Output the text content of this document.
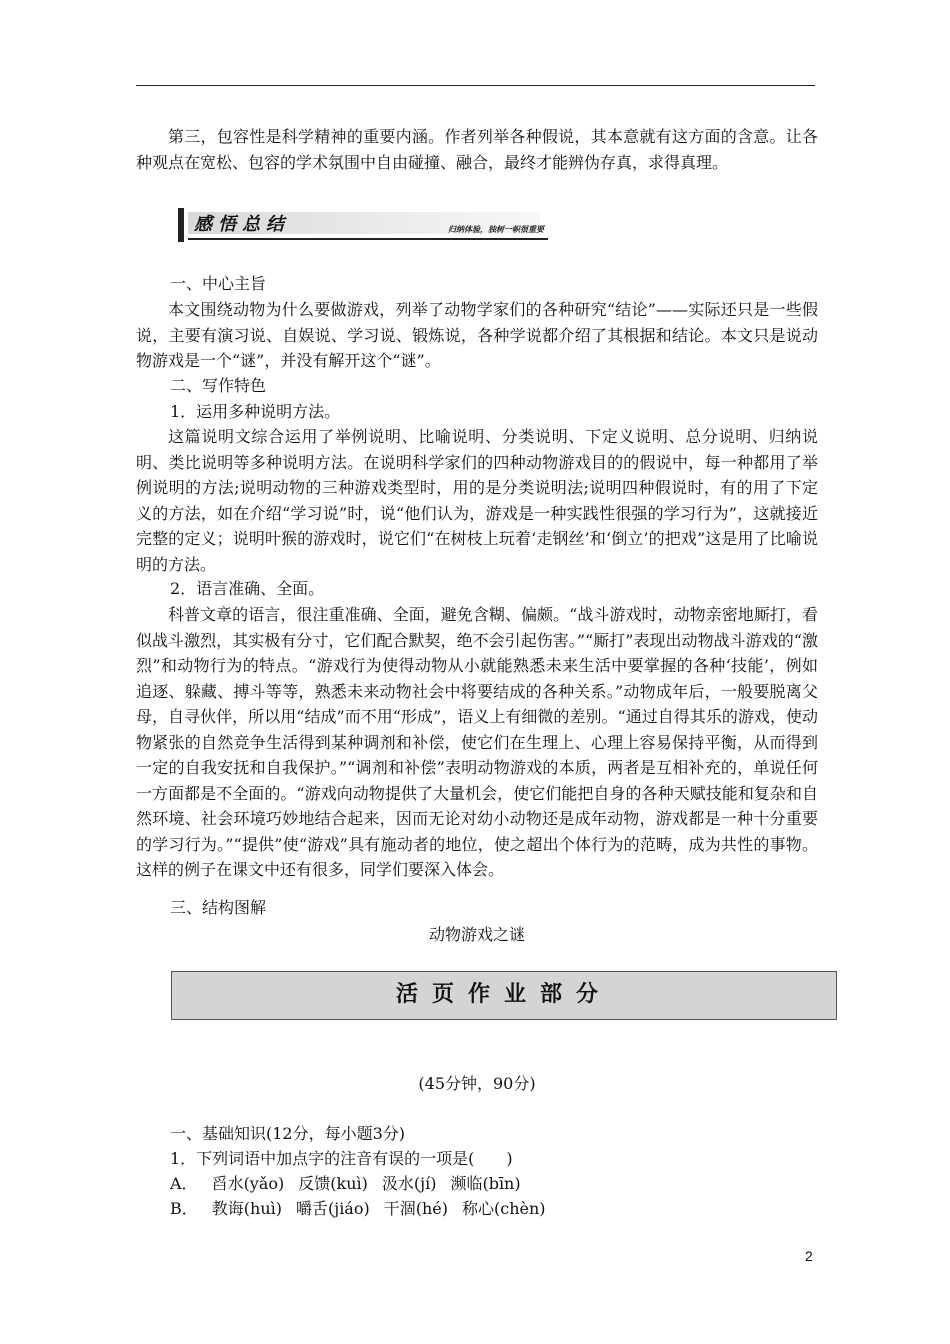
第三，包容性是科学精神的重要内涵。作者列举各种假说，其本意就有这方面的含意。让各种观点在宽松、包容的学术氛围中自由碰撞、融合，最终才能辨伪存真，求得真理。

感悟总结	归纳体验，独树一帜很重要
一、中心主旨

本文围绕动物为什么要做游戏，列举了动物学家们的各种研究“结论”——实际还只是一些假说，主要有演习说、自娱说、学习说、锻炼说，各种学说都介绍了其根据和结论。本文只是说动物游戏是一个“谜”，并没有解开这个“谜”。

二、写作特色
1．运用多种说明方法。

这篇说明文综合运用了举例说明、比喻说明、分类说明、下定义说明、总分说明、归纳说明、类比说明等多种说明方法。在说明科学家们的四种动物游戏目的的假说中，每一种都用了举例说明的方法;说明动物的三种游戏类型时，用的是分类说明法;说明四种假说时，有的用了下定义的方法，如在介绍“学习说”时，说“他们认为，游戏是一种实践性很强的学习行为”，这就接近完整的定义；说明叶猴的游戏时，说它们“在树枝上玩着‘走钢丝’和‘倒立’的把戏”这是用了比喻说明的方法。

2．语言准确、全面。

科普文章的语言，很注重准确、全面，避免含糊、偏颇。“战斗游戏时，动物亲密地厮打，看似战斗激烈，其实极有分寸，它们配合默契，绝不会引起伤害。”“厮打”表现出动物战斗游戏的“激烈”和动物行为的特点。“游戏行为使得动物从小就能熟悉未来生活中要掌握的各种‘技能’，例如追逐、躲藏、搏斗等等，熟悉未来动物社会中将要结成的各种关系。”动物成年后，一般要脱离父母，自寻伙伴，所以用“结成”而不用“形成”，语义上有细微的差别。“通过自得其乐的游戏，使动物紧张的自然竞争生活得到某种调剂和补偿，使它们在生理上、心理上容易保持平衡，从而得到一定的自我安抚和自我保护。”“调剂和补偿”表明动物游戏的本质，两者是互相补充的，单说任何一方面都是不全面的。“游戏向动物提供了大量机会，使它们能把自身的各种天赋技能和复杂和自然环境、社会环境巧妙地结合起来，因而无论对幼小动物还是成年动物，游戏都是一种十分重要的学习行为。”“提供”使“游戏”具有施动者的地位，使之超出个体行为的范畴，成为共性的事物。这样的例子在课文中还有很多，同学们要深入体会。

三、结构图解
动物游戏之谜
活页作业部分
(45分钟，90分)
一、基础知识(12分，每小题3分)
1．下列词语中加点字的注音有误的一项是(　　)
A． 舀水(yǎo) 反馈(kuì) 汲水(jí) 濒临(bīn)
B． 教诲(huì) 嚼舌(jiáo) 干涸(hé) 称心(chèn)
2
